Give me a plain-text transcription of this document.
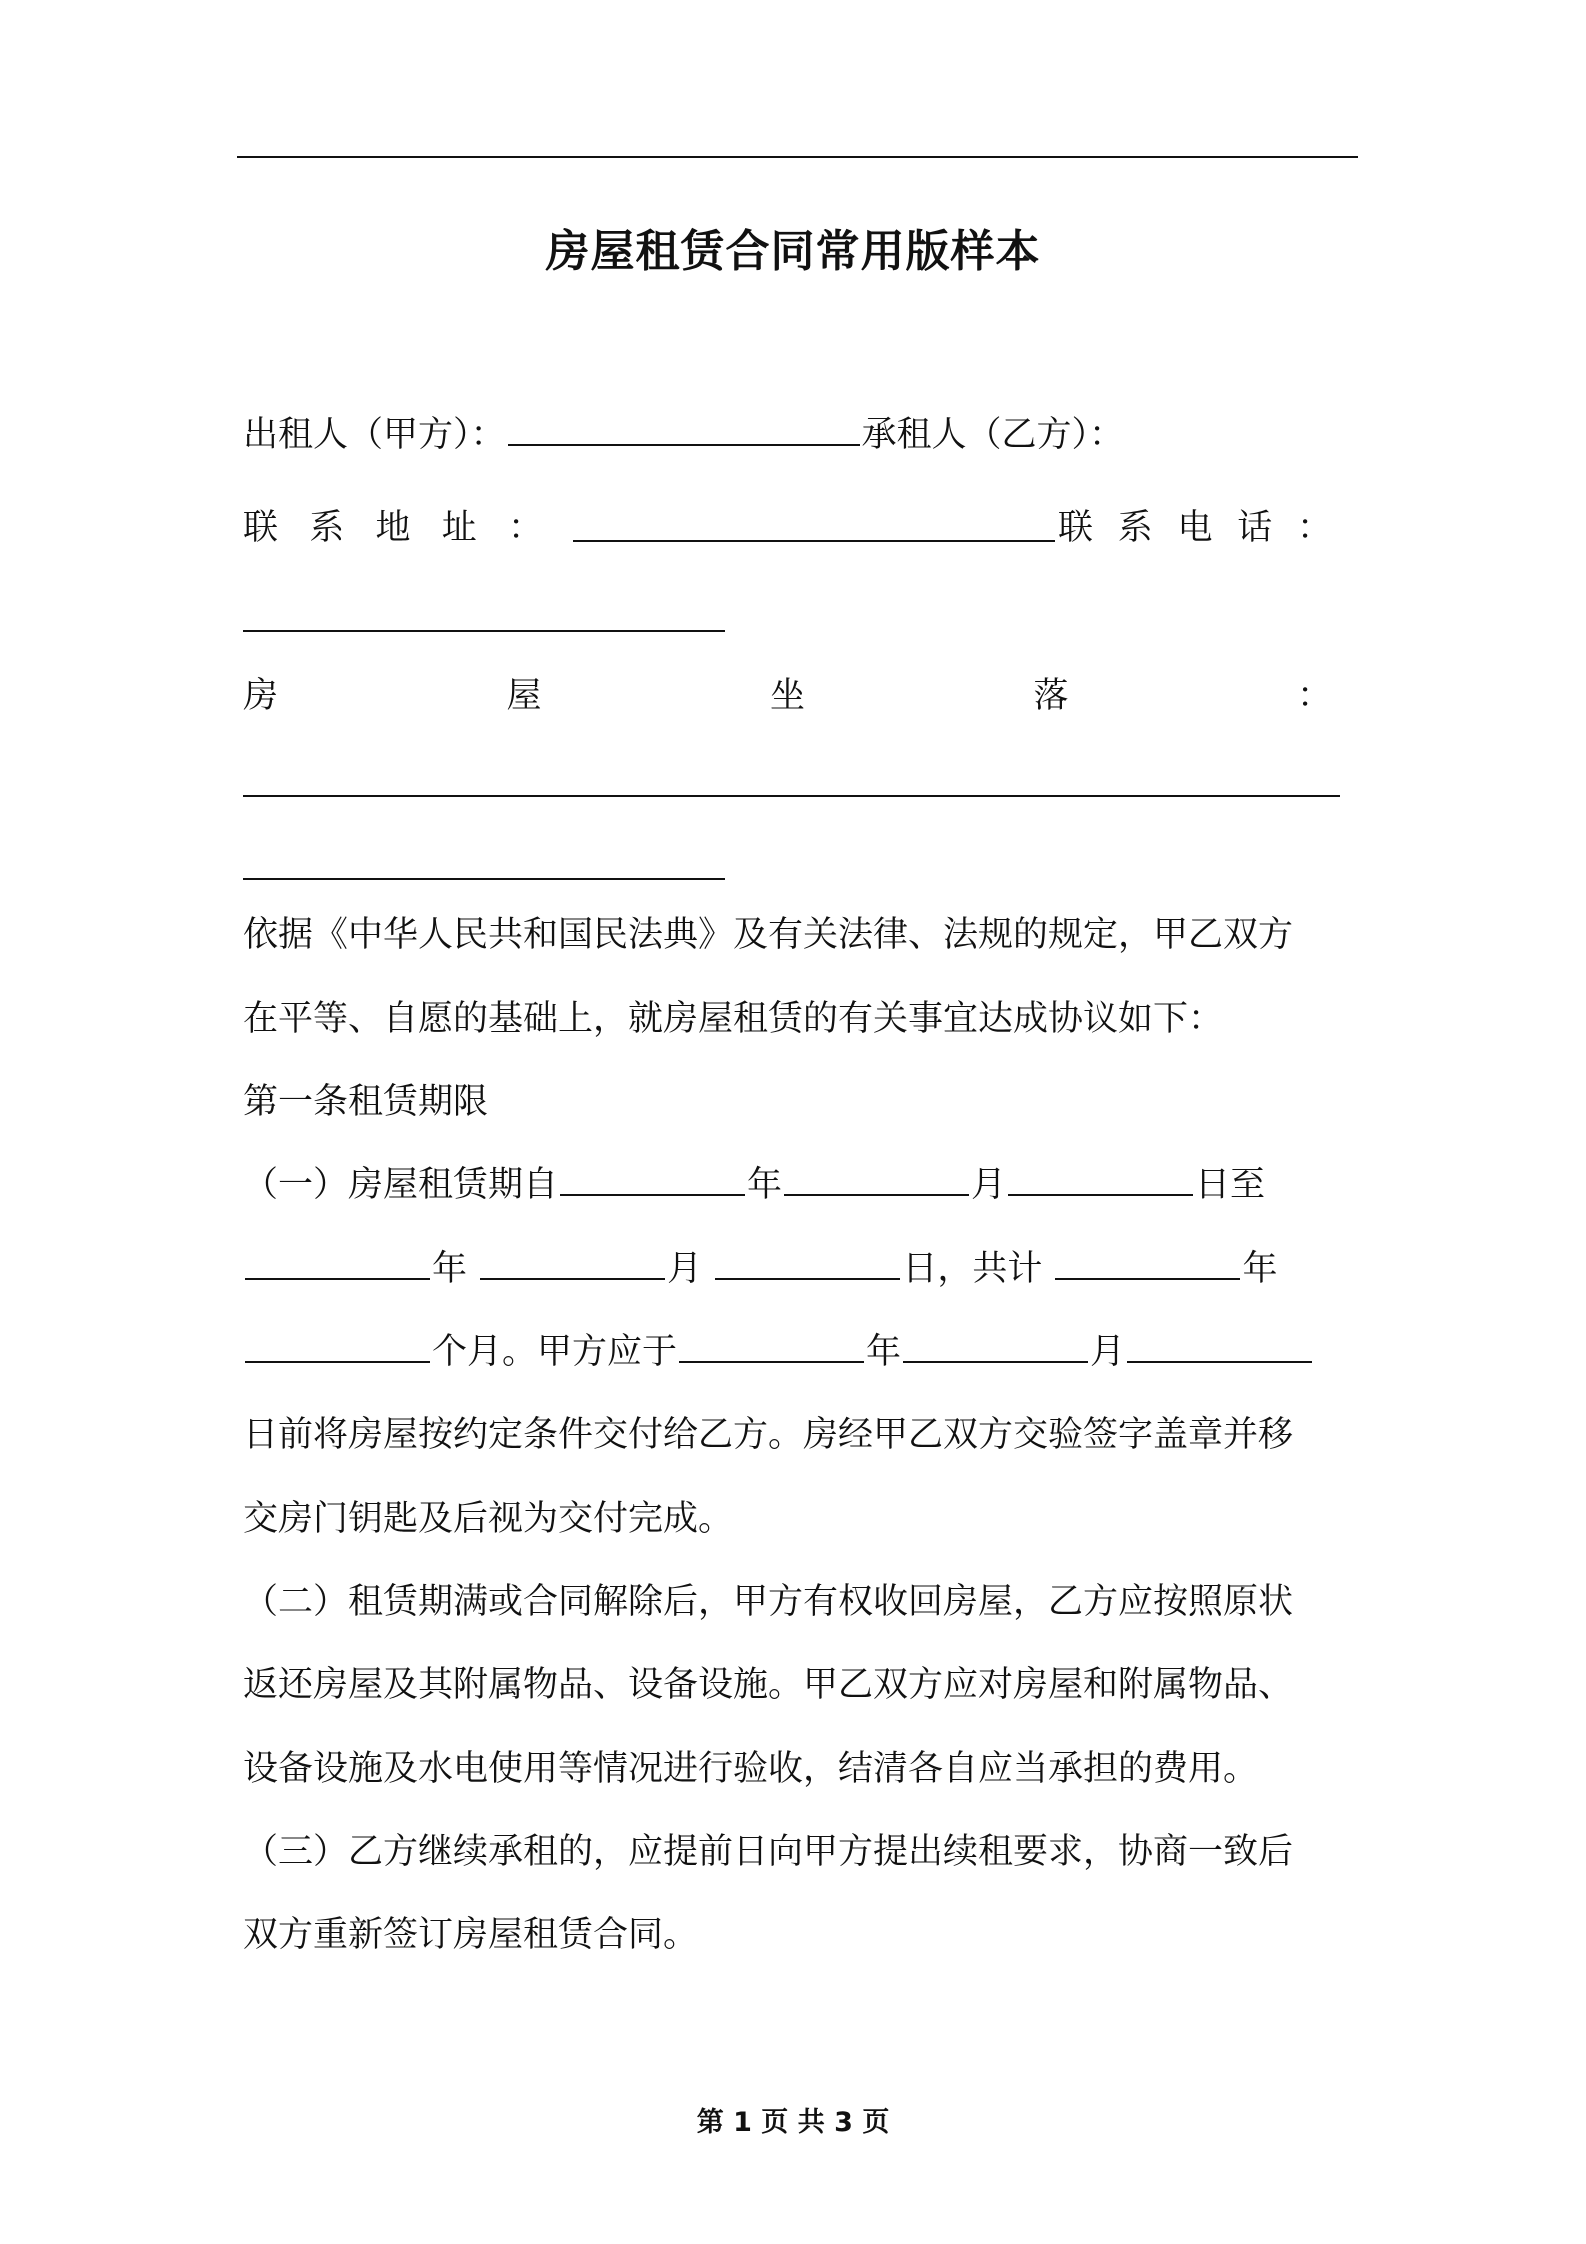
房屋租赁合同常用版样本
出租人（甲方）：	承租人（乙方）：
联 系 地 址 ：	联 系 电 话 ：
房	屋	坐	落	：
依据《中华人民共和国民法典》及有关法律、法规的规定，甲乙双方
在平等、自愿的基础上，就房屋租赁的有关事宜达成协议如下：
第一条租赁期限
（一）房屋租赁期自	年	月	日至
年	月	日，共计	年
个月。甲方应于	年	月
日前将房屋按约定条件交付给乙方。房经甲乙双方交验签字盖章并移
交房门钥匙及后视为交付完成。
（二）租赁期满或合同解除后，甲方有权收回房屋，乙方应按照原状
返还房屋及其附属物品、设备设施。甲乙双方应对房屋和附属物品、
设备设施及水电使用等情况进行验收，结清各自应当承担的费用。
（三）乙方继续承租的，应提前日向甲方提出续租要求，协商一致后
双方重新签订房屋租赁合同。
第 1 页 共 3 页
